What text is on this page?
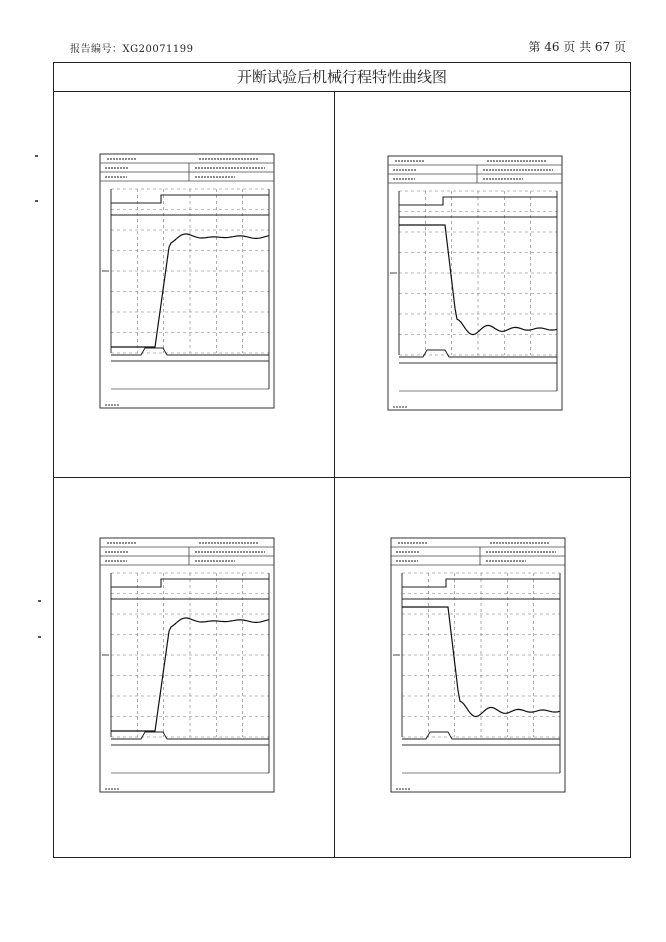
报告编号：XG20071199	第 46 页 共 67 页
开断试验后机械行程特性曲线图
